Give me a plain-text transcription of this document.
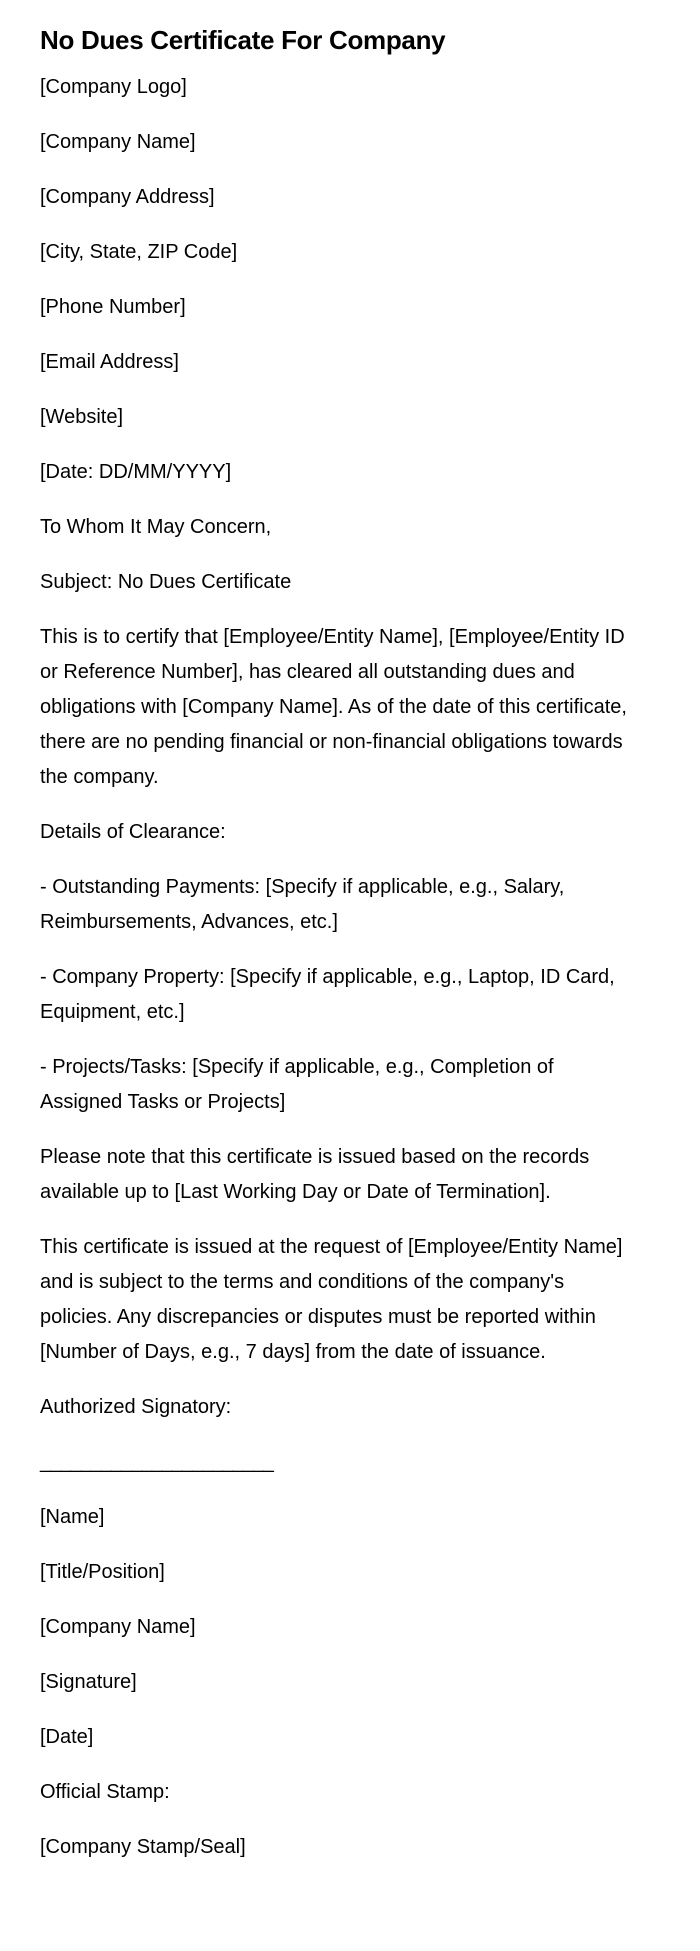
No Dues Certificate For Company

[Company Logo]

[Company Name]

[Company Address]

[City, State, ZIP Code]

[Phone Number]

[Email Address]

[Website]

[Date: DD/MM/YYYY]

To Whom It May Concern,

Subject: No Dues Certificate

This is to certify that [Employee/Entity Name], [Employee/Entity ID or Reference Number], has cleared all outstanding dues and obligations with [Company Name]. As of the date of this certificate, there are no pending financial or non-financial obligations towards the company.

Details of Clearance:

- Outstanding Payments: [Specify if applicable, e.g., Salary, Reimbursements, Advances, etc.]

- Company Property: [Specify if applicable, e.g., Laptop, ID Card, Equipment, etc.]

- Projects/Tasks: [Specify if applicable, e.g., Completion of Assigned Tasks or Projects]

Please note that this certificate is issued based on the records available up to [Last Working Day or Date of Termination].

This certificate is issued at the request of [Employee/Entity Name] and is subject to the terms and conditions of the company's policies. Any discrepancies or disputes must be reported within [Number of Days, e.g., 7 days] from the date of issuance.

Authorized Signatory:

_______________________

[Name]

[Title/Position]

[Company Name]

[Signature]

[Date]

Official Stamp:

[Company Stamp/Seal]
